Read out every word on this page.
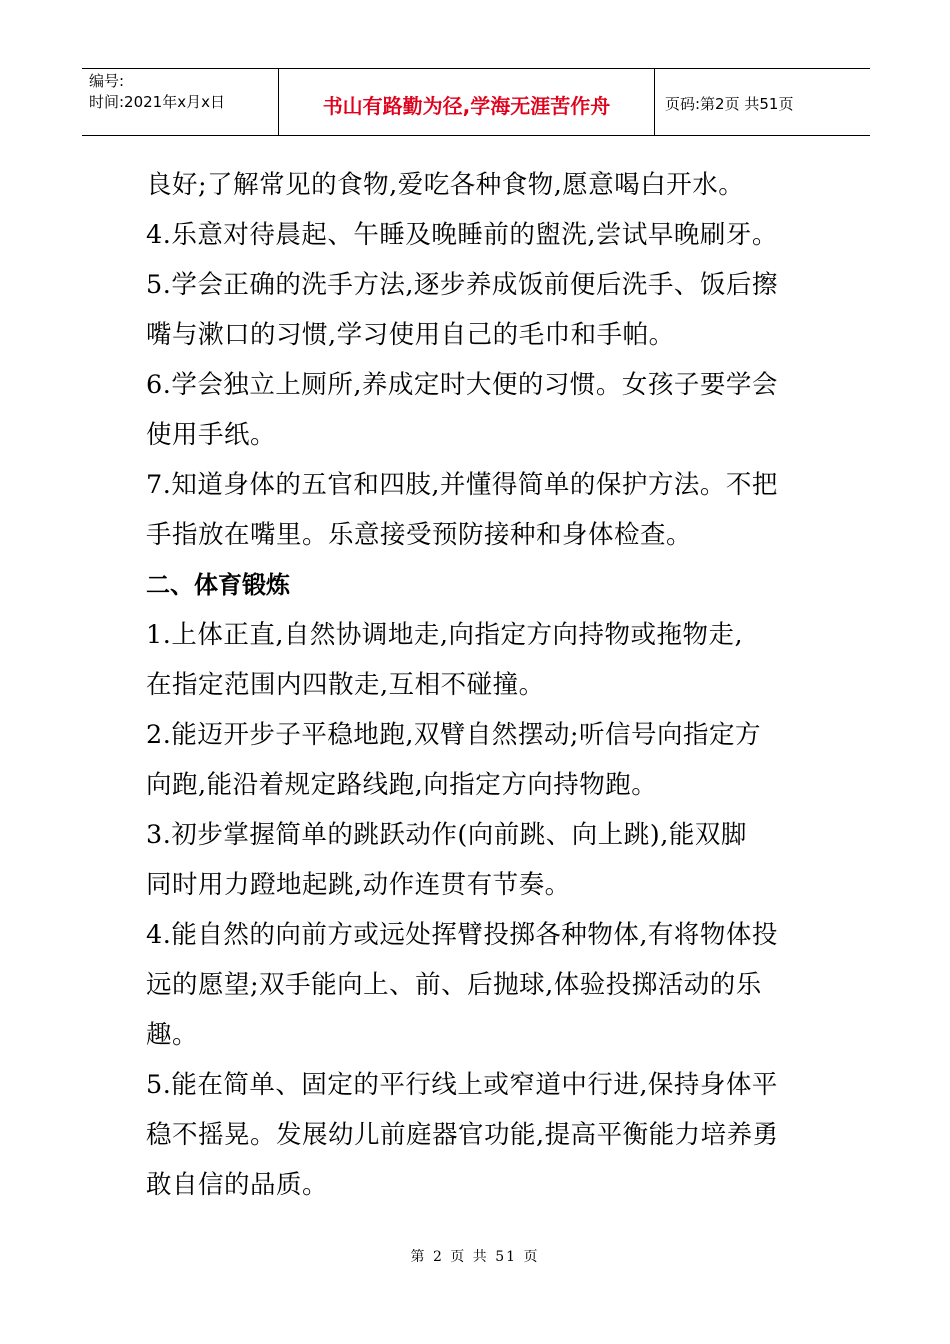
编号:
时间:2021年x月x日	书山有路勤为径,学海无涯苦作舟	页码:第2页 共51页
良好;了解常见的食物,爱吃各种食物,愿意喝白开水。
4.乐意对待晨起、午睡及晚睡前的盥洗,尝试早晚刷牙。
5.学会正确的洗手方法,逐步养成饭前便后洗手、饭后擦
嘴与漱口的习惯,学习使用自己的毛巾和手帕。
6.学会独立上厕所,养成定时大便的习惯。女孩子要学会
使用手纸。
7.知道身体的五官和四肢,并懂得简单的保护方法。不把
手指放在嘴里。乐意接受预防接种和身体检查。
二、体育锻炼
1.上体正直,自然协调地走,向指定方向持物或拖物走,
在指定范围内四散走,互相不碰撞。
2.能迈开步子平稳地跑,双臂自然摆动;听信号向指定方
向跑,能沿着规定路线跑,向指定方向持物跑。
3.初步掌握简单的跳跃动作(向前跳、向上跳),能双脚
同时用力蹬地起跳,动作连贯有节奏。
4.能自然的向前方或远处挥臂投掷各种物体,有将物体投
远的愿望;双手能向上、前、后抛球,体验投掷活动的乐
趣。
5.能在简单、固定的平行线上或窄道中行进,保持身体平
稳不摇晃。发展幼儿前庭器官功能,提高平衡能力培养勇
敢自信的品质。
第 2 页 共 51 页
